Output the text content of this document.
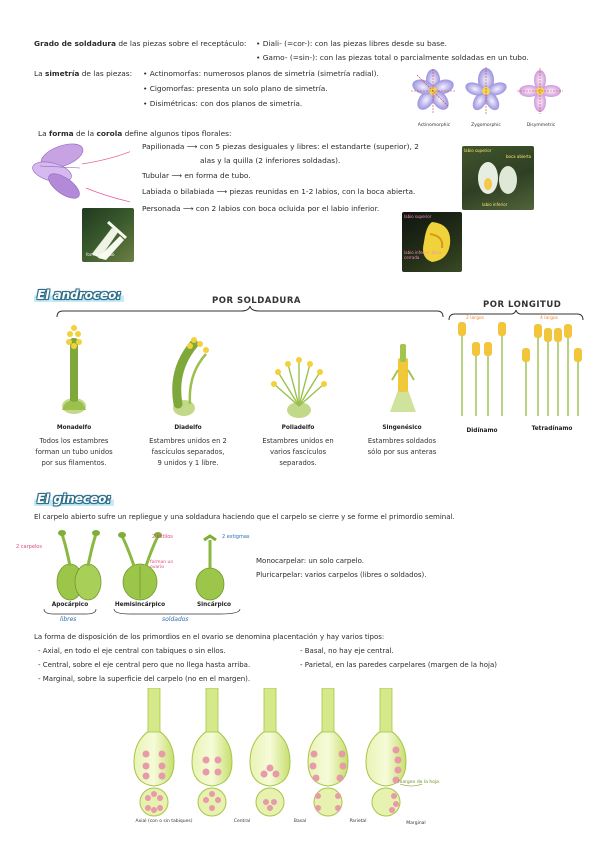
Grado de soldadura de las piezas sobre el receptáculo: • Diali- (=cor-): con las piezas libres desde su base.
• Gamo- (=sin-): con las piezas total o parcialmente soldadas en un tubo.
La simetría de las piezas: • Actinomorfas: numerosos planos de simetría (simetría radial).
• Cigomorfas: presenta un solo plano de simetría.
• Disimétricas: con dos planos de simetría.
Actinomorphic	Zygomorphic	Disymmetric
La forma de la corola define algunos tipos florales:
Papilionada ⟶ con 5 piezas desiguales y libres: el estandarte (superior), 2
alas y la quilla (2 inferiores soldadas).
Tubular ⟶ en forma de tubo.
Labiada o bilabiada ⟶ piezas reunidas en 1-2 labios, con la boca abierta.
Personada ⟶ con 2 labios con boca ocluida por el labio inferior.
forma de tubo
labio superior
boca abierta
labio inferior
labio superior
labio inferior, boca cerrada
El androceo:	POR SOLDADURA	POR LONGITUD
2 largos	4 largos
Monadelfo	Diadelfo	Poliadelfo	Singenésico	Didínamo	Tetradínamo
Todos los estambres
forman un tubo unidos
por sus filamentos.
Estambres unidos en 2
fascículos separados,
9 unidos y 1 libre.
Estambres unidos en
varios fascículos
separados.
Estambres soldados
sólo por sus anteras
El gineceo:
El carpelo abierto sufre un repliegue y una soldadura haciendo que el carpelo se cierre y se forme el primordio seminal.
2 carpelos
2 estilos
forman un ovario
2 estigmas
Apocárpico	Hemisincárpico	Sincárpico
libres	soldados
Monocarpelar: un solo carpelo.
Pluricarpelar: varios carpelos (libres o soldados).
La forma de disposición de los primordios en el ovario se denomina placentación y hay varios tipos:
- Axial, en todo el eje central con tabiques o sin ellos.	- Basal, no hay eje central.
- Central, sobre el eje central pero que no llega hasta arriba.	- Parietal, en las paredes carpelares (margen de la hoja)
- Marginal, sobre la superficie del carpelo (no en el margen).
margen de la hoja
Axial (con o sin tabiques)	Central	Basal	Parietal	Marginal
